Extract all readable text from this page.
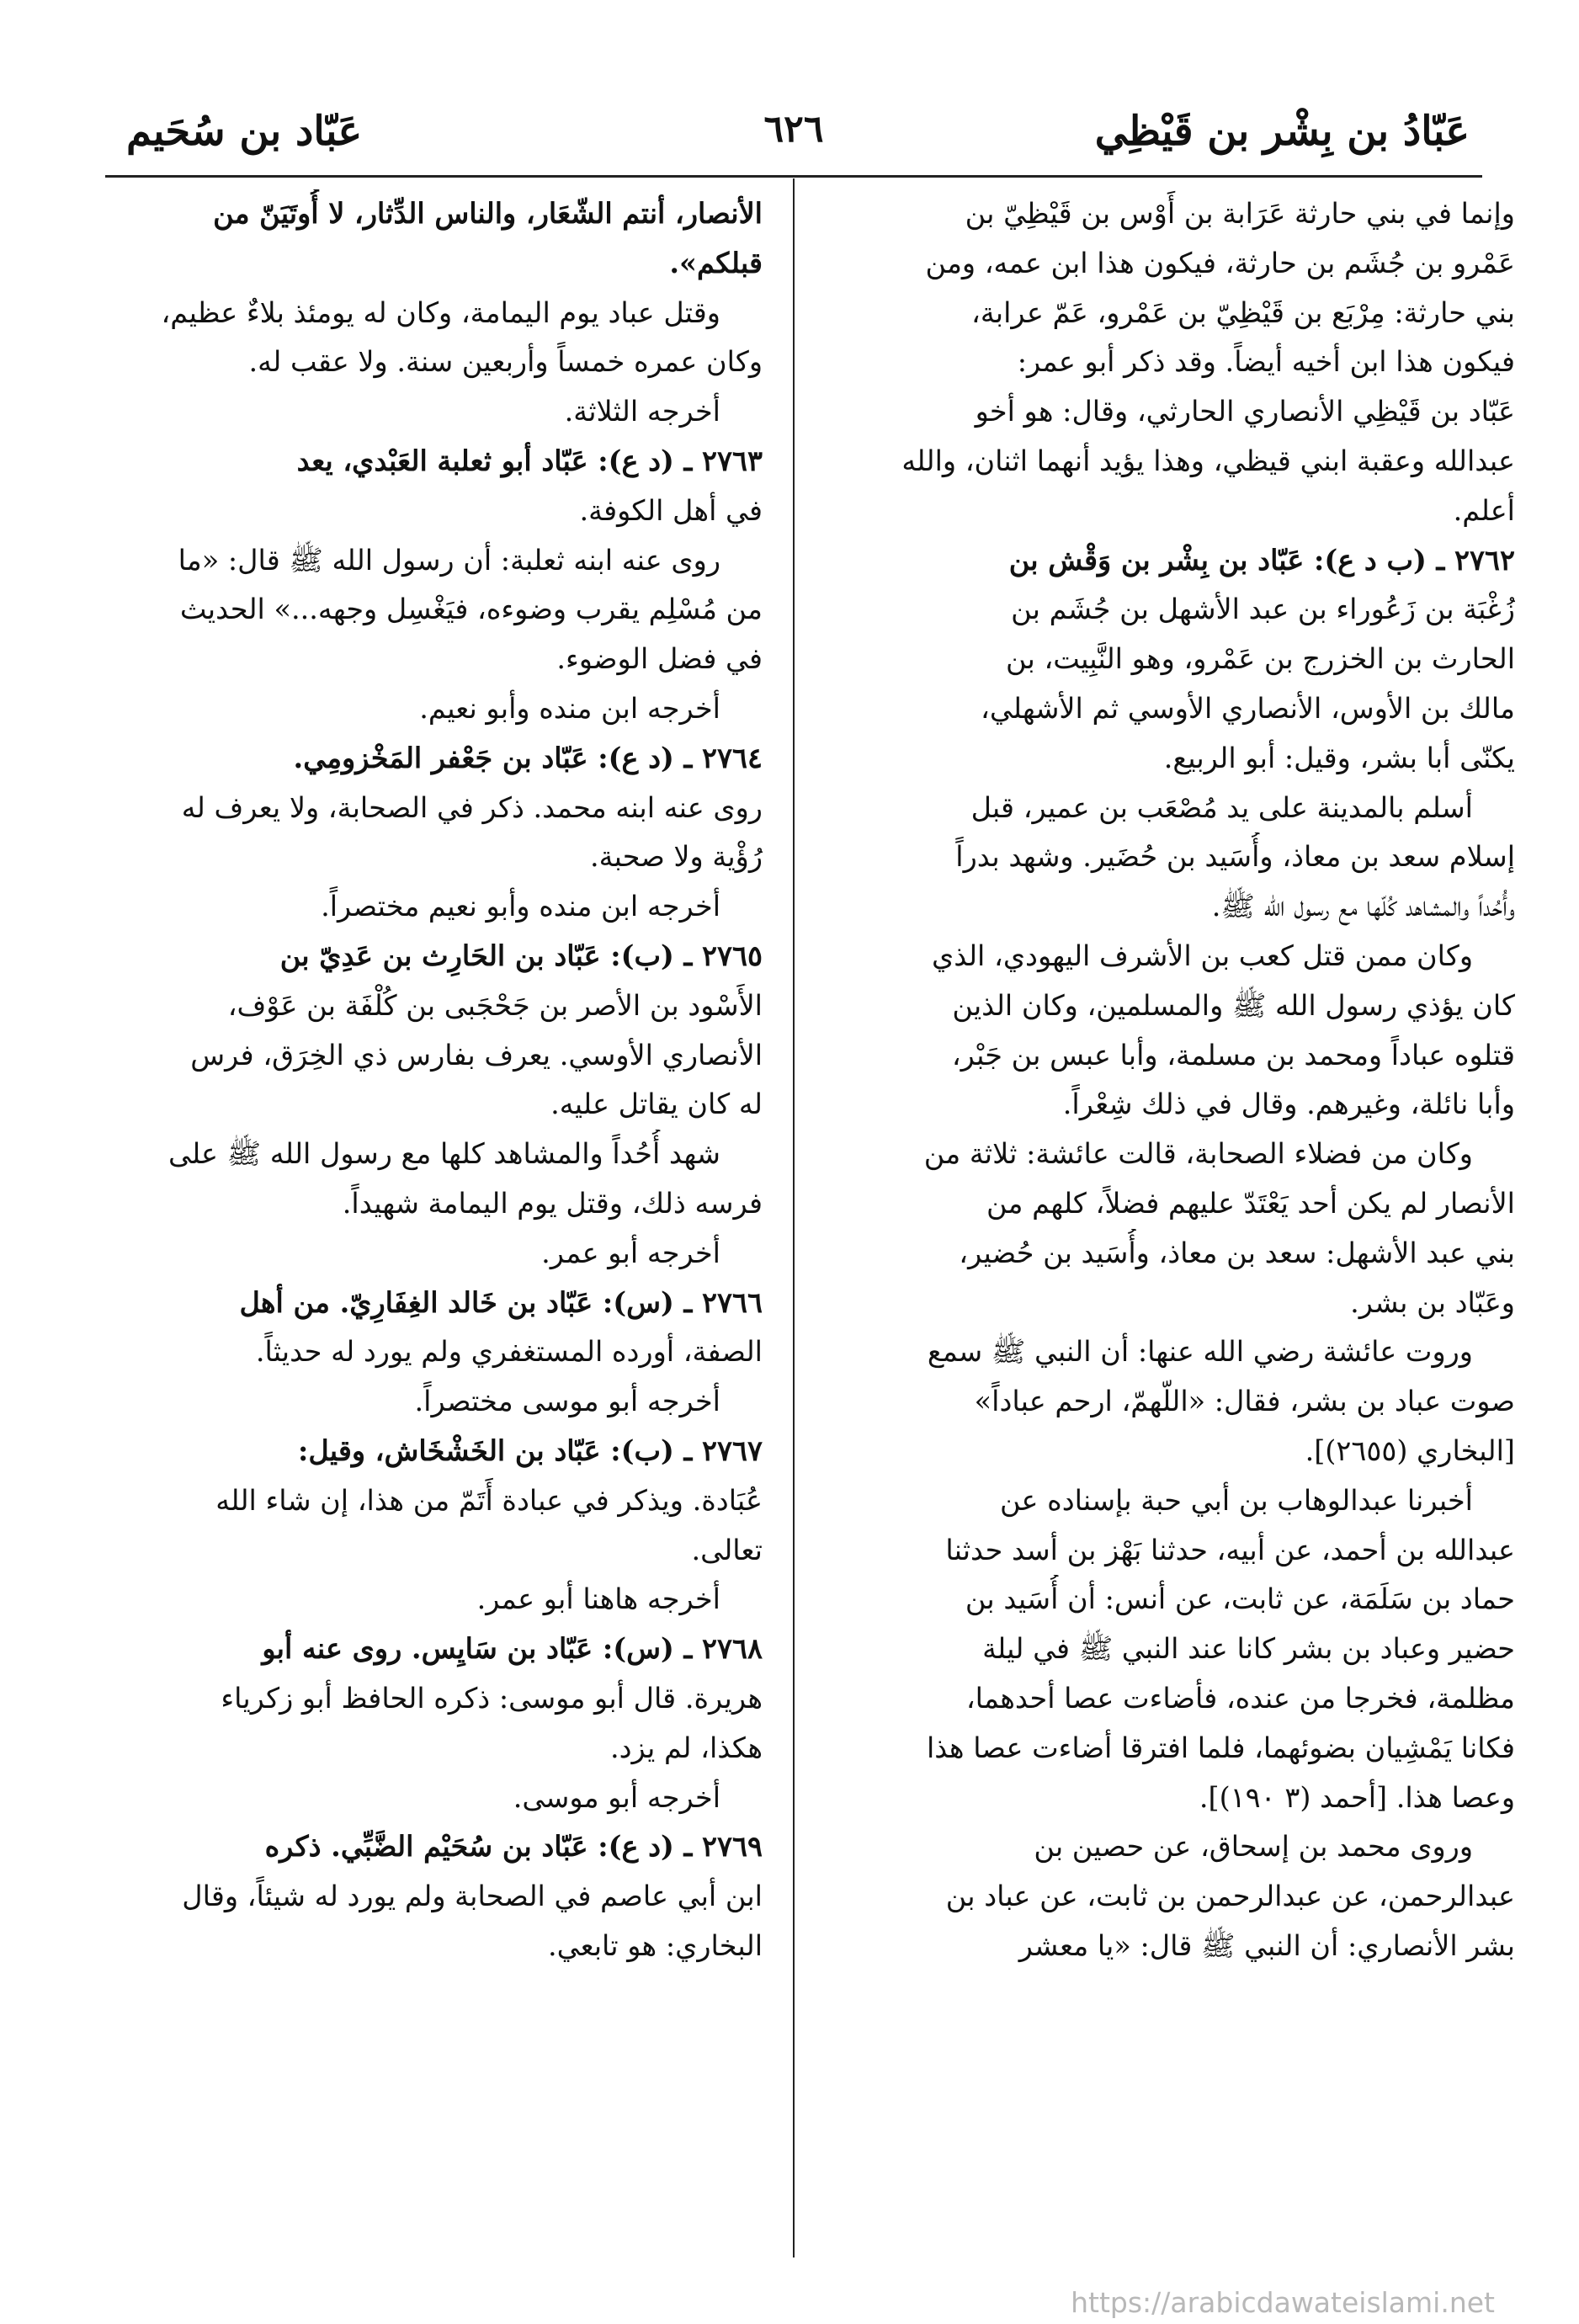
عَبّاد بن سُحَيم	٦٢٦	عَبّادُ بن بِشْر بن قَيْظِي
وإنما في بني حارثة عَرَابة بن أَوْس بن قَيْظِيّ بن
عَمْرو بن جُشَم بن حارثة، فيكون هذا ابن عمه، ومن
بني حارثة: مِرْبَع بن قَيْظِيّ بن عَمْرو، عَمّ عرابة،
فيكون هذا ابن أخيه أيضاً. وقد ذكر أبو عمر:
عَبّاد بن قَيْظِي الأنصاري الحارثي، وقال: هو أخو
عبدالله وعقبة ابني قيظي، وهذا يؤيد أنهما اثنان، والله
أعلم.
٢٧٦٢ ـ (ب د ع): عَبّاد بن بِشْر بن وَقْش بن
زُغْبَة بن زَعُوراء بن عبد الأشهل بن جُشَم بن
الحارث بن الخزرج بن عَمْرو، وهو النَّبِيت، بن
مالك بن الأوس، الأنصاري الأوسي ثم الأشهلي،
يكنّى أبا بشر، وقيل: أبو الربيع.
أسلم بالمدينة على يد مُصْعَب بن عمير، قبل
إسلام سعد بن معاذ، وأُسَيد بن حُضَير. وشهد بدراً
وأُحُداً والمشاهد كُلّها مع رسول الله ﷺ.
وكان ممن قتل كعب بن الأشرف اليهودي، الذي
كان يؤذي رسول الله ﷺ والمسلمين، وكان الذين
قتلوه عباداً ومحمد بن مسلمة، وأبا عبس بن جَبْر،
وأبا نائلة، وغيرهم. وقال في ذلك شِعْراً.
وكان من فضلاء الصحابة، قالت عائشة: ثلاثة من
الأنصار لم يكن أحد يَعْتَدّ عليهم فضلاً، كلهم من
بني عبد الأشهل: سعد بن معاذ، وأُسَيد بن حُضير،
وعَبّاد بن بشر.
وروت عائشة رضي الله عنها: أن النبي ﷺ سمع
صوت عباد بن بشر، فقال: «اللّهمّ، ارحم عباداً»
[البخاري (٢٦٥٥)].
أخبرنا عبدالوهاب بن أبي حبة بإسناده عن
عبدالله بن أحمد، عن أبيه، حدثنا بَهْز بن أسد حدثنا
حماد بن سَلَمَة، عن ثابت، عن أنس: أن أُسَيد بن
حضير وعباد بن بشر كانا عند النبي ﷺ في ليلة
مظلمة، فخرجا من عنده، فأضاءت عصا أحدهما،
فكانا يَمْشِيان بضوئهما، فلما افترقا أضاءت عصا هذا
وعصا هذا. [أحمد (٣ ١٩٠)].
وروى محمد بن إسحاق، عن حصين بن
عبدالرحمن، عن عبدالرحمن بن ثابت، عن عباد بن
بشر الأنصاري: أن النبي ﷺ قال: «يا معشر
الأنصار، أنتم الشّعَار، والناس الدِّثار، لا أُوتَيَنّ من
قبلكم».
وقتل عباد يوم اليمامة، وكان له يومئذ بلاءٌ عظيم،
وكان عمره خمساً وأربعين سنة. ولا عقب له.
أخرجه الثلاثة.
٢٧٦٣ ـ (د ع): عَبّاد أبو ثعلبة العَبْدي، يعد
في أهل الكوفة.
روى عنه ابنه ثعلبة: أن رسول الله ﷺ قال: «ما
من مُسْلِم يقرب وضوءه، فيَغْسِل وجهه...» الحديث
في فضل الوضوء.
أخرجه ابن منده وأبو نعيم.
٢٧٦٤ ـ (د ع): عَبّاد بن جَعْفر المَخْزومِي.
روى عنه ابنه محمد. ذكر في الصحابة، ولا يعرف له
رُؤْية ولا صحبة.
أخرجه ابن منده وأبو نعيم مختصراً.
٢٧٦٥ ـ (ب): عَبّاد بن الحَارِث بن عَدِيّ بن
الأَسْود بن الأصر بن جَحْجَبى بن كُلْفَة بن عَوْف،
الأنصاري الأوسي. يعرف بفارس ذي الخِرَق، فرس
له كان يقاتل عليه.
شهد أُحُداً والمشاهد كلها مع رسول الله ﷺ على
فرسه ذلك، وقتل يوم اليمامة شهيداً.
أخرجه أبو عمر.
٢٧٦٦ ـ (س): عَبّاد بن خَالد الغِفَارِيّ. من أهل
الصفة، أورده المستغفري ولم يورد له حديثاً.
أخرجه أبو موسى مختصراً.
٢٧٦٧ ـ (ب): عَبّاد بن الخَشْخَاش، وقيل:
عُبَادة. ويذكر في عبادة أَتَمّ من هذا، إن شاء الله
تعالى.
أخرجه هاهنا أبو عمر.
٢٧٦٨ ـ (س): عَبّاد بن سَايِس. روى عنه أبو
هريرة. قال أبو موسى: ذكره الحافظ أبو زكرياء
هكذا، لم يزد.
أخرجه أبو موسى.
٢٧٦٩ ـ (د ع): عَبّاد بن سُحَيْم الضَّبِّي. ذكره
ابن أبي عاصم في الصحابة ولم يورد له شيئاً، وقال
البخاري: هو تابعي.
https://arabicdawateislami.net
